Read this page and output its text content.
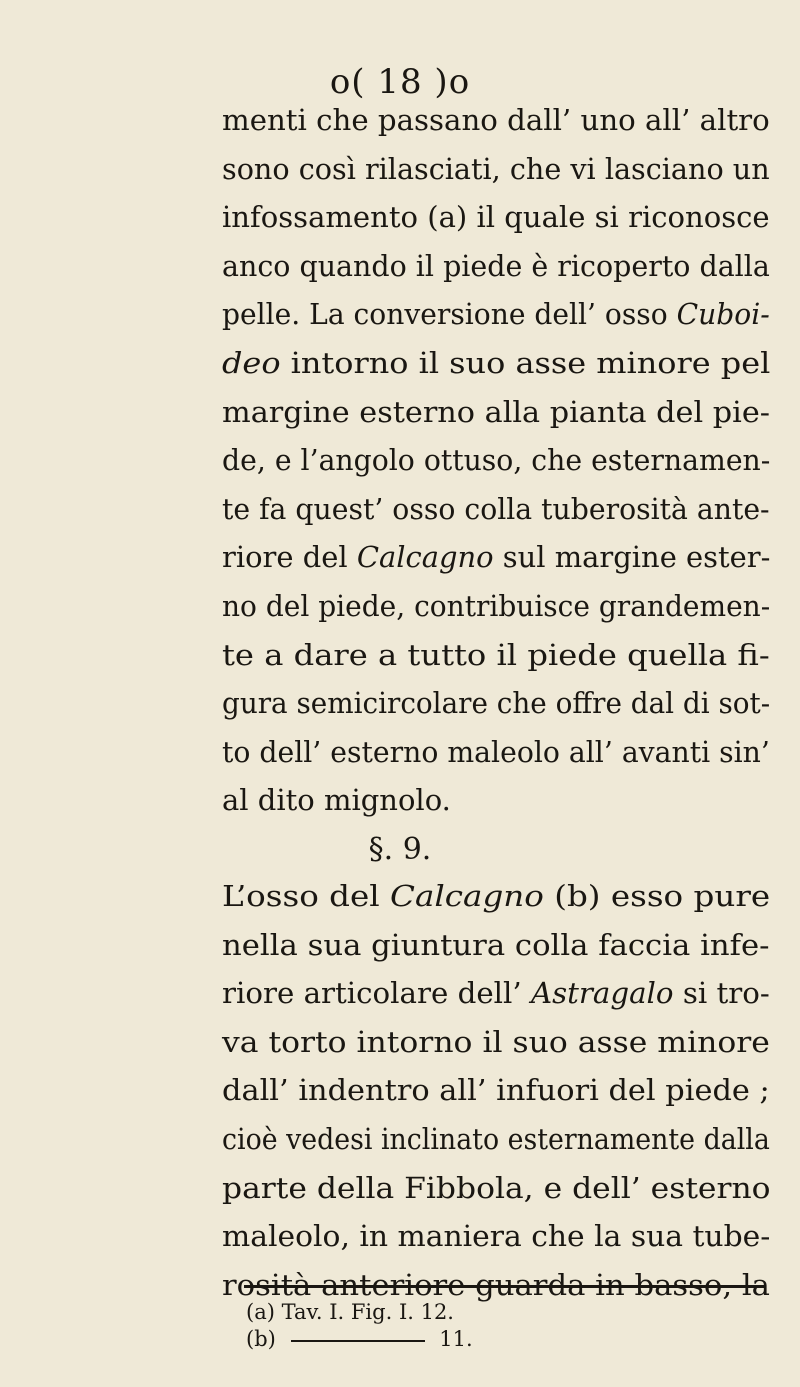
o( 18 )o
menti che passano dall’ uno all’ altro
sono così rilasciati, che vi lasciano un
infossamento (a) il quale si riconosce
anco quando il piede è ricoperto dalla
pelle. La conversione dell’ osso Cuboi-
deo intorno il suo asse minore pel
margine esterno alla pianta del pie-
de, e l’angolo ottuso, che esternamen-
te fa quest’ osso colla tuberosità ante-
riore del Calcagno sul margine ester-
no del piede, contribuisce grandemen-
te a dare a tutto il piede quella fi-
gura semicircolare che offre dal di sot-
to dell’ esterno maleolo all’ avanti sin’
al dito mignolo.
§. 9.
L’osso del Calcagno (b) esso pure
nella sua giuntura colla faccia infe-
riore articolare dell’ Astragalo si tro-
va torto intorno il suo asse minore
dall’ indentro all’ infuori del piede ;
cioè vedesi inclinato esternamente dalla
parte della Fibbola, e dell’ esterno
maleolo, in maniera che la sua tube-
rosità anteriore guarda in basso, la
(a) Tav. I. Fig. I. 12.
(b)	11.
